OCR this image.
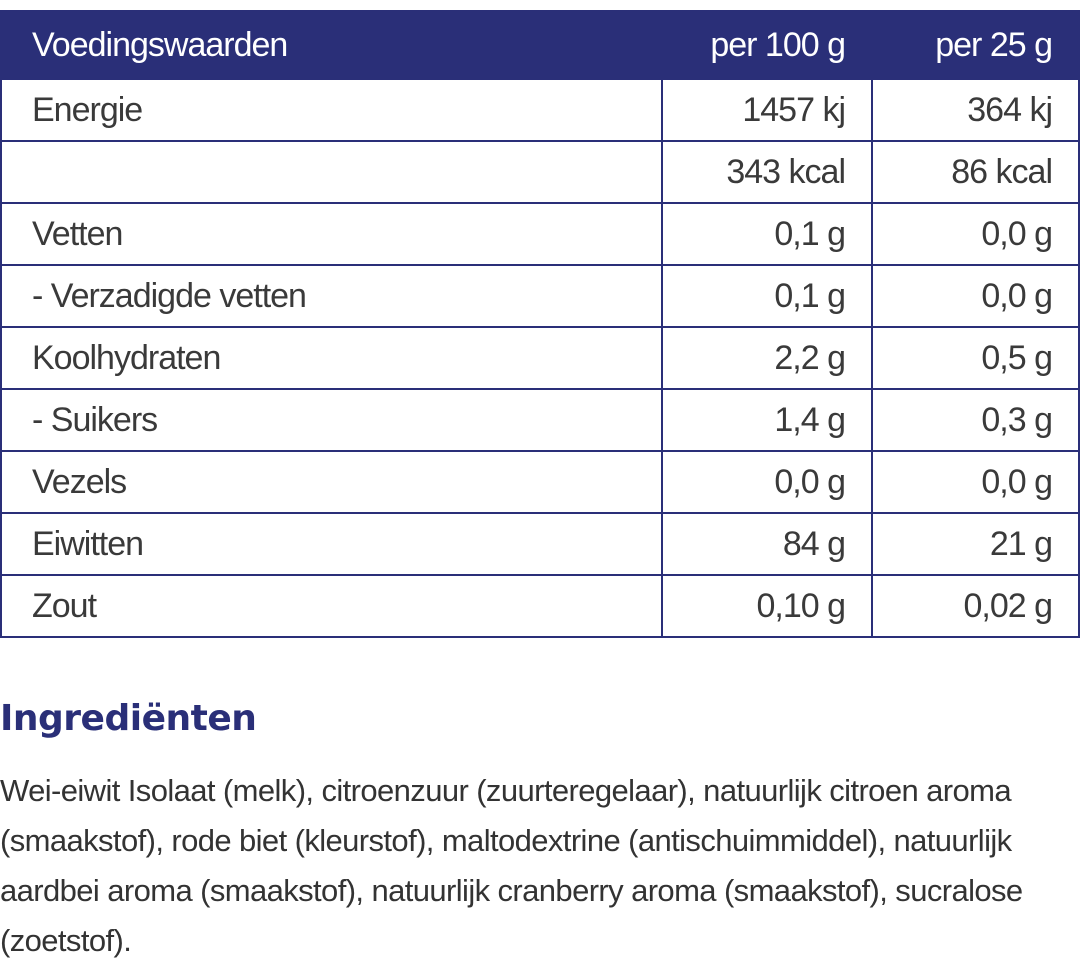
Voedingswaarden	per 100 g	per 25 g
Energie	1457 kj	364 kj
	343 kcal	86 kcal
Vetten	0,1 g	0,0 g
- Verzadigde vetten	0,1 g	0,0 g
Koolhydraten	2,2 g	0,5 g
- Suikers	1,4 g	0,3 g
Vezels	0,0 g	0,0 g
Eiwitten	84 g	21 g
Zout	0,10 g	0,02 g
Ingrediënten

Wei-eiwit Isolaat (melk), citroenzuur (zuurteregelaar), natuurlijk citroen aroma (smaakstof), rode biet (kleurstof), maltodextrine (antischuimmiddel), natuurlijk aardbei aroma (smaakstof), natuurlijk cranberry aroma (smaakstof), sucralose (zoetstof).
